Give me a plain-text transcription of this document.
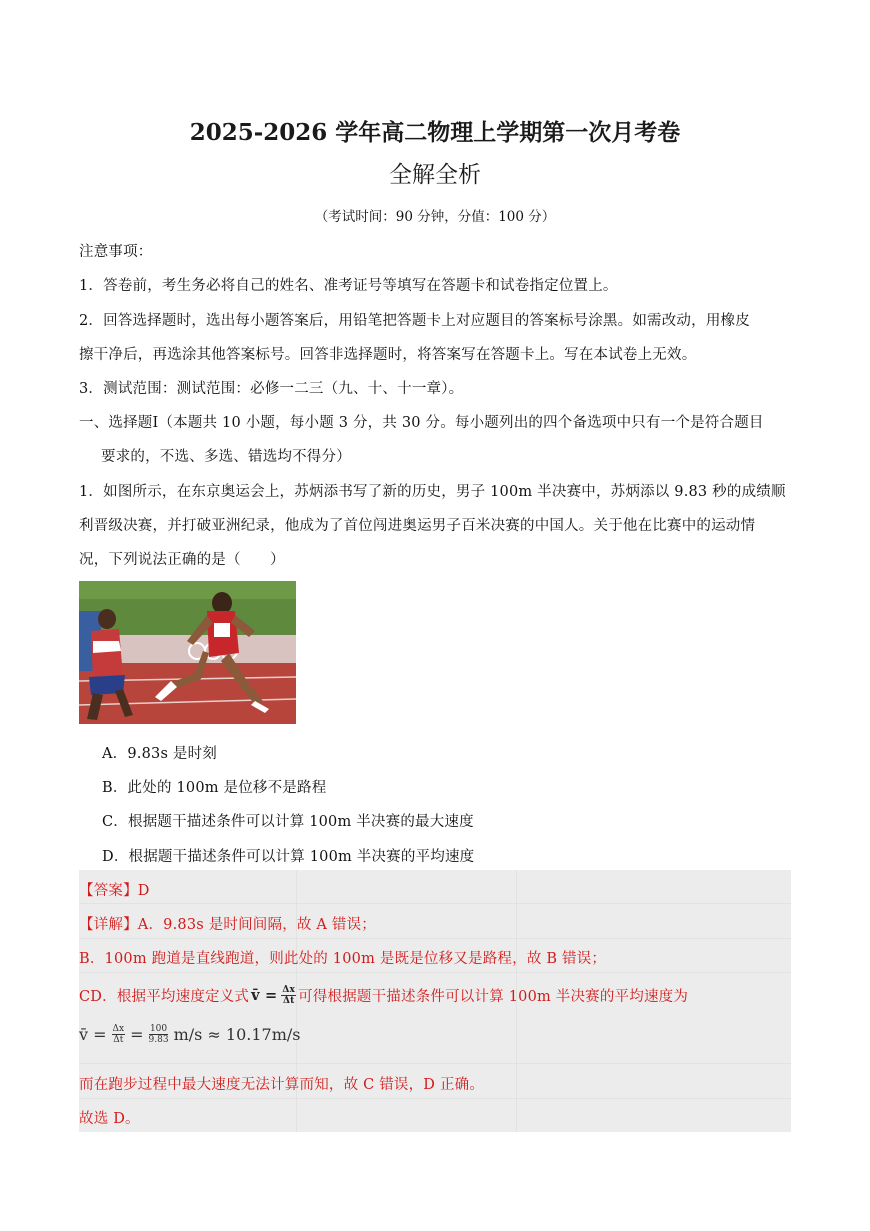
2025-2026 学年高二物理上学期第一次月考卷
全解全析
（考试时间：90 分钟，分值：100 分）
注意事项：
1．答卷前，考生务必将自己的姓名、准考证号等填写在答题卡和试卷指定位置上。
2．回答选择题时，选出每小题答案后，用铅笔把答题卡上对应题目的答案标号涂黑。如需改动，用橡皮
擦干净后，再选涂其他答案标号。回答非选择题时，将答案写在答题卡上。写在本试卷上无效。
3．测试范围：测试范围：必修一二三（九、十、十一章）。
一、选择题Ⅰ（本题共 10 小题，每小题 3 分，共 30 分。每小题列出的四个备选项中只有一个是符合题目
要求的，不选、多选、错选均不得分）
1．如图所示，在东京奥运会上，苏炳添书写了新的历史，男子 100m 半决赛中，苏炳添以 9.83 秒的成绩顺
利晋级决赛，并打破亚洲纪录，他成为了首位闯进奥运男子百米决赛的中国人。关于他在比赛中的运动情
况，下列说法正确的是（　　）
A．9.83s 是时刻
B．此处的 100m 是位移不是路程
C．根据题干描述条件可以计算 100m 半决赛的最大速度
D．根据题干描述条件可以计算 100m 半决赛的平均速度
【答案】D
【详解】A．9.83s 是时间间隔，故 A 错误；
B．100m 跑道是直线跑道，则此处的 100m 是既是位移又是路程，故 B 错误；
CD．根据平均速度定义式 v̄ = $\frac{\Delta x}{\Delta t}$ 可得根据题干描述条件可以计算 100m 半决赛的平均速度为
v̄ = $\frac{\Delta x}{\Delta t} = \frac{100}{9.83} m/s \approx 10.17m/s$
而在跑步过程中最大速度无法计算而知，故 C 错误，D 正确。
故选 D。
